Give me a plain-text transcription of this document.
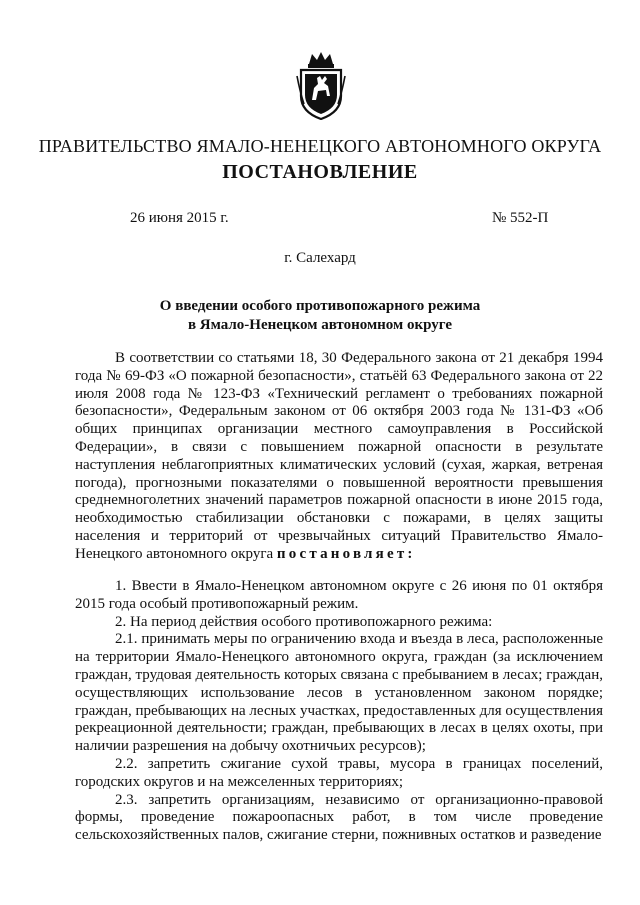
ПРАВИТЕЛЬСТВО ЯМАЛО-НЕНЕЦКОГО АВТОНОМНОГО ОКРУГА
ПОСТАНОВЛЕНИЕ
26 июня 2015 г.	№ 552-П
г. Салехард
О введении особого противопожарного режима
в Ямало-Ненецком автономном округе

В соответствии со статьями 18, 30 Федерального закона от 21 декабря 1994 года № 69-ФЗ «О пожарной безопасности», статьёй 63 Федерального закона от 22 июля 2008 года № 123-ФЗ «Технический регламент о требованиях пожарной безопасности», Федеральным законом от 06 октября 2003 года № 131-ФЗ «Об общих принципах организации местного самоуправления в Российской Федерации», в связи с повышением пожарной опасности в результате наступления неблагоприятных климатических условий (сухая, жаркая, ветреная погода), прогнозными показателями о повышенной вероятности превышения среднемноголетних значений параметров пожарной опасности в июне 2015 года, необходимостью стабилизации обстановки с пожарами, в целях защиты населения и территорий от чрезвычайных ситуаций Правительство Ямало-Ненецкого автономного округа постановляет:

1. Ввести в Ямало-Ненецком автономном округе с 26 июня по 01 октября 2015 года особый противопожарный режим.

2. На период действия особого противопожарного режима:

2.1. принимать меры по ограничению входа и въезда в леса, расположенные на территории Ямало-Ненецкого автономного округа, граждан (за исключением граждан, трудовая деятельность которых связана с пребыванием в лесах; граждан, осуществляющих использование лесов в установленном законом порядке; граждан, пребывающих на лесных участках, предоставленных для осуществления рекреационной деятельности; граждан, пребывающих в лесах в целях охоты, при наличии разрешения на добычу охотничьих ресурсов);

2.2. запретить сжигание сухой травы, мусора в границах поселений, городских округов и на межселенных территориях;

2.3. запретить организациям, независимо от организационно-правовой формы, проведение пожароопасных работ, в том числе проведение сельскохозяйственных палов, сжигание стерни, пожнивных остатков и разведение
